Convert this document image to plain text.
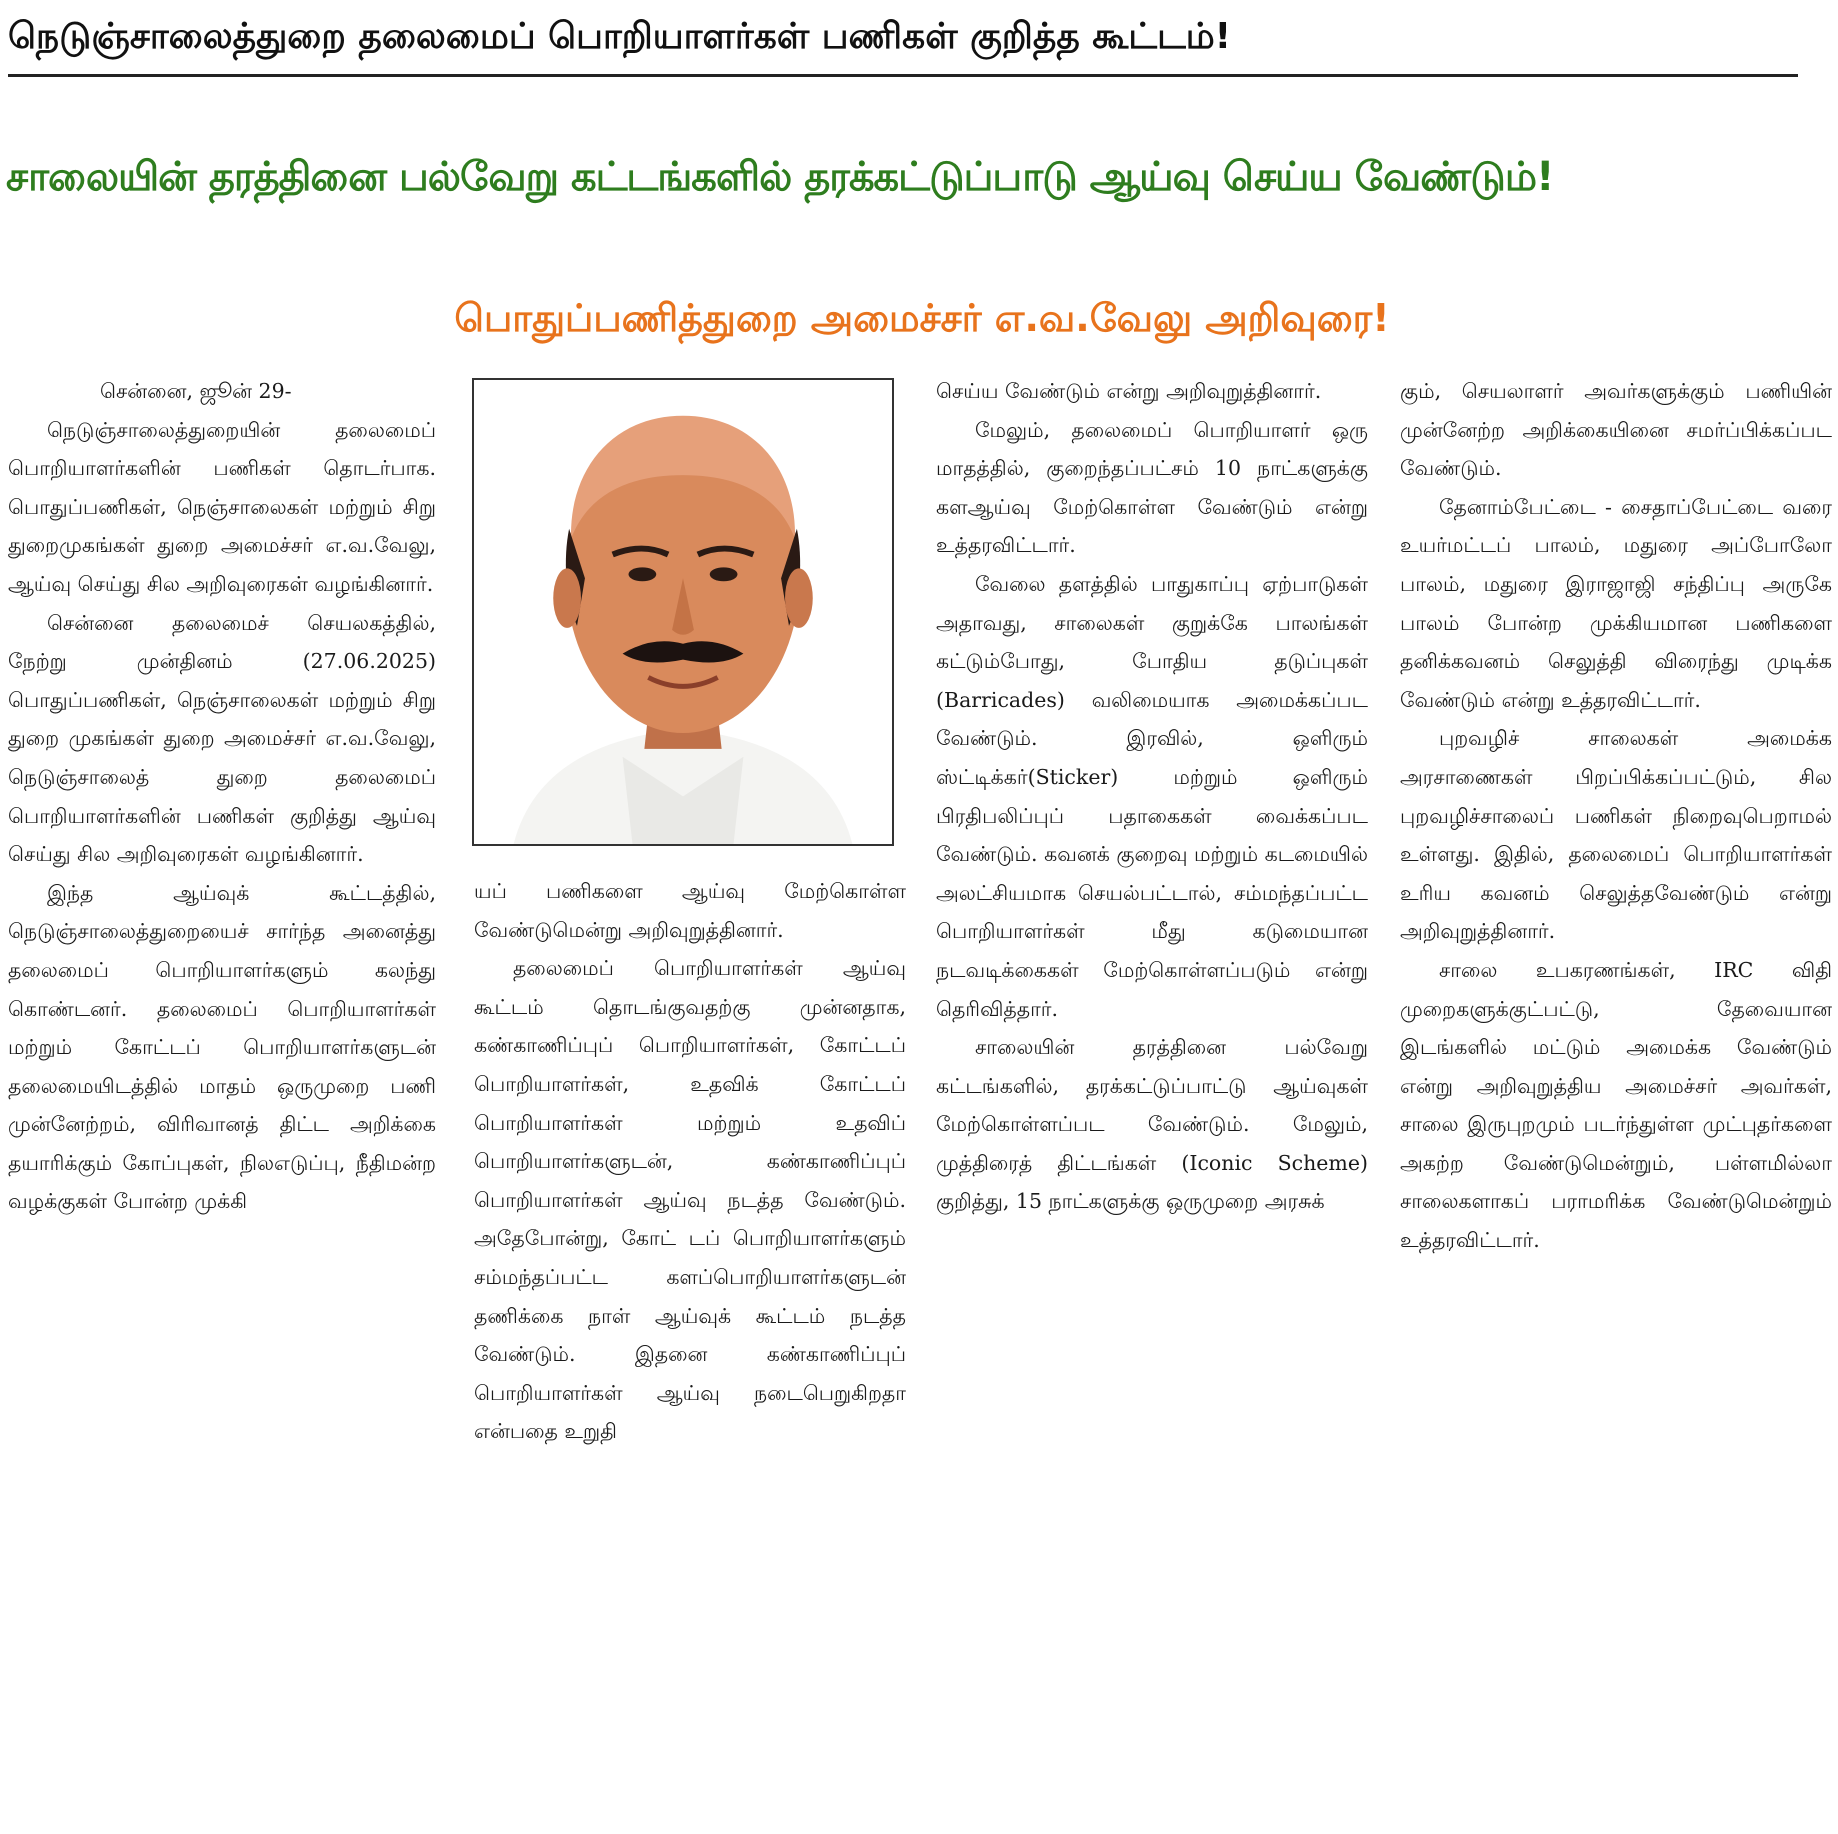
நெடுஞ்சாலைத்துறை தலைமைப் பொறியாளர்கள் பணிகள் குறித்த கூட்டம்!
சாலையின் தரத்தினை பல்வேறு கட்டங்களில் தரக்கட்டுப்பாடு ஆய்வு செய்ய வேண்டும்!
பொதுப்பணித்துறை அமைச்சர் எ.வ.வேலு அறிவுரை!

சென்னை, ஜூன் 29-

நெடுஞ்சாலைத்துறையின் தலைமைப் பொறியாளர்களின் பணிகள் தொடர்பாக. பொதுப்பணிகள், நெஞ்சாலைகள் மற்றும் சிறு துறைமுகங்கள் துறை அமைச்சர் எ.வ.வேலு, ஆய்வு செய்து சில அறிவுரைகள் வழங்கினார்.

சென்னை தலைமைச் செயலகத்தில், நேற்று முன்தினம் (27.06.2025) பொதுப்பணிகள், நெஞ்சாலைகள் மற்றும் சிறு துறை முகங்கள் துறை அமைச்சர் எ.வ.வேலு, நெடுஞ்சாலைத் துறை தலைமைப் பொறியாளர்களின் பணிகள் குறித்து ஆய்வு செய்து சில அறிவுரைகள் வழங்கினார்.

இந்த ஆய்வுக் கூட்டத்தில், நெடுஞ்சாலைத்துறையைச் சார்ந்த அனைத்து தலைமைப் பொறியாளர்களும் கலந்து கொண்டனர். தலைமைப் பொறியாளர்கள் மற்றும் கோட்டப் பொறியாளர்களுடன் தலைமையிடத்தில் மாதம் ஒருமுறை பணி முன்னேற்றம், விரிவானத் திட்ட அறிக்கை தயாரிக்கும் கோப்புகள், நிலஎடுப்பு, நீதிமன்ற வழக்குகள் போன்ற முக்கி

யப் பணிகளை ஆய்வு மேற்கொள்ள வேண்டுமென்று அறிவுறுத்தினார்.

தலைமைப் பொறியாளர்கள் ஆய்வு கூட்டம் தொடங்குவதற்கு முன்னதாக, கண்காணிப்புப் பொறியாளர்கள், கோட்டப் பொறியாளர்கள், உதவிக் கோட்டப் பொறியாளர்கள் மற்றும் உதவிப் பொறியாளர்களுடன், கண்காணிப்புப் பொறியாளர்கள் ஆய்வு நடத்த வேண்டும். அதேபோன்று, கோட் டப் பொறியாளர்களும் சம்மந்தப்பட்ட களப்பொறியாளர்களுடன் தணிக்கை நாள் ஆய்வுக் கூட்டம் நடத்த வேண்டும். இதனை கண்காணிப்புப் பொறியாளர்கள் ஆய்வு நடைபெறுகிறதா என்பதை உறுதி

செய்ய வேண்டும் என்று அறிவுறுத்தினார்.

மேலும், தலைமைப் பொறியாளர் ஒரு மாதத்தில், குறைந்தப்பட்சம் 10 நாட்களுக்கு களஆய்வு மேற்கொள்ள வேண்டும் என்று உத்தரவிட்டார்.

வேலை தளத்தில் பாதுகாப்பு ஏற்பாடுகள் அதாவது, சாலைகள் குறுக்கே பாலங்கள் கட்டும்போது, போதிய தடுப்புகள் (Barricades) வலிமையாக அமைக்கப்பட வேண்டும். இரவில், ஒளிரும் ஸ்ட்டிக்கர்(Sticker) மற்றும் ஒளிரும் பிரதிபலிப்புப் பதாகைகள் வைக்கப்பட வேண்டும். கவனக் குறைவு மற்றும் கடமையில் அலட்சியமாக செயல்பட்டால், சம்மந்தப்பட்ட பொறியாளர்கள் மீது கடுமையான நடவடிக்கைகள் மேற்கொள்ளப்படும் என்று தெரிவித்தார்.

சாலையின் தரத்தினை பல்வேறு கட்டங்களில், தரக்கட்டுப்பாட்டு ஆய்வுகள் மேற்கொள்ளப்பட வேண்டும். மேலும், முத்திரைத் திட்டங்கள் (Iconic Scheme) குறித்து, 15 நாட்களுக்கு ஒருமுறை அரசுக்

கும், செயலாளர் அவர்களுக்கும் பணியின் முன்னேற்ற அறிக்கையினை சமர்ப்பிக்கப்பட வேண்டும்.

தேனாம்பேட்டை - சைதாப்பேட்டை வரை உயர்மட்டப் பாலம், மதுரை அப்போலோ பாலம், மதுரை இராஜாஜி சந்திப்பு அருகே பாலம் போன்ற முக்கியமான பணிகளை தனிக்கவனம் செலுத்தி விரைந்து முடிக்க வேண்டும் என்று உத்தரவிட்டார்.

புறவழிச் சாலைகள் அமைக்க அரசாணைகள் பிறப்பிக்கப்பட்டும், சில புறவழிச்சாலைப் பணிகள் நிறைவுபெறாமல் உள்ளது. இதில், தலைமைப் பொறியாளர்கள் உரிய கவனம் செலுத்தவேண்டும் என்று அறிவுறுத்தினார்.

சாலை உபகரணங்கள், IRC விதி முறைகளுக்குட்பட்டு, தேவையான இடங்களில் மட்டும் அமைக்க வேண்டும் என்று அறிவுறுத்திய அமைச்சர் அவர்கள், சாலை இருபுறமும் படர்ந்துள்ள முட்புதர்களை அகற்ற வேண்டுமென்றும், பள்ளமில்லா சாலைகளாகப் பராமரிக்க வேண்டுமென்றும் உத்தரவிட்டார்.
